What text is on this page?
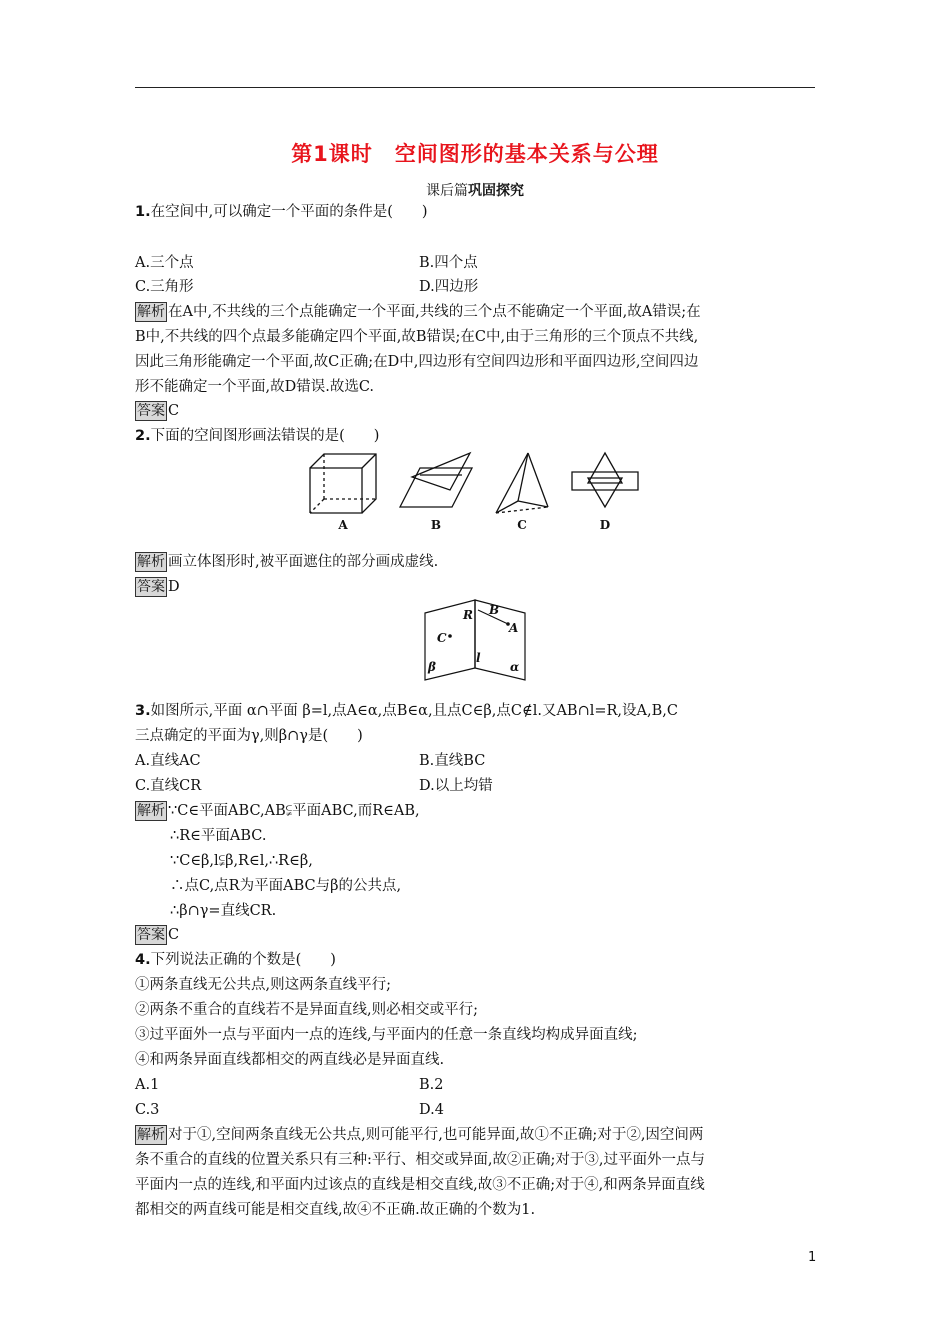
第1课时 空间图形的基本关系与公理
课后篇巩固探究
1.在空间中,可以确定一个平面的条件是(　　)
A.三个点	B.四个点
C.三角形	D.四边形
解析 在A中,不共线的三个点能确定一个平面,共线的三个点不能确定一个平面,故A错误;在
B中,不共线的四个点最多能确定四个平面,故B错误;在C中,由于三角形的三个顶点不共线,
因此三角形能确定一个平面,故C正确;在D中,四边形有空间四边形和平面四边形,空间四边
形不能确定一个平面,故D错误.故选C.
答案 C
2.下面的空间图形画法错误的是(　　)
A	B	C	D
解析 画立体图形时,被平面遮住的部分画成虚线.
答案 D
R B
A
C
β
l
α
3.如图所示,平面 α∩平面 β=l,点A∈α,点B∈α,且点C∈β,点C∉l.又AB∩l=R,设A,B,C
三点确定的平面为γ,则β∩γ是(　　)
A.直线AC	B.直线BC
C.直线CR	D.以上均错
解析 ∵C∈平面ABC,AB⫋平面ABC,而R∈AB,
∴R∈平面ABC.
∵C∈β,l⫋β,R∈l,∴R∈β,
∴点C,点R为平面ABC与β的公共点,
∴β∩γ=直线CR.
答案 C
4.下列说法正确的个数是(　　)
①两条直线无公共点,则这两条直线平行;
②两条不重合的直线若不是异面直线,则必相交或平行;
③过平面外一点与平面内一点的连线,与平面内的任意一条直线均构成异面直线;
④和两条异面直线都相交的两直线必是异面直线.
A.1	B.2
C.3	D.4
解析 对于①,空间两条直线无公共点,则可能平行,也可能异面,故①不正确;对于②,因空间两
条不重合的直线的位置关系只有三种:平行、相交或异面,故②正确;对于③,过平面外一点与
平面内一点的连线,和平面内过该点的直线是相交直线,故③不正确;对于④,和两条异面直线
都相交的两直线可能是相交直线,故④不正确.故正确的个数为1.
1
